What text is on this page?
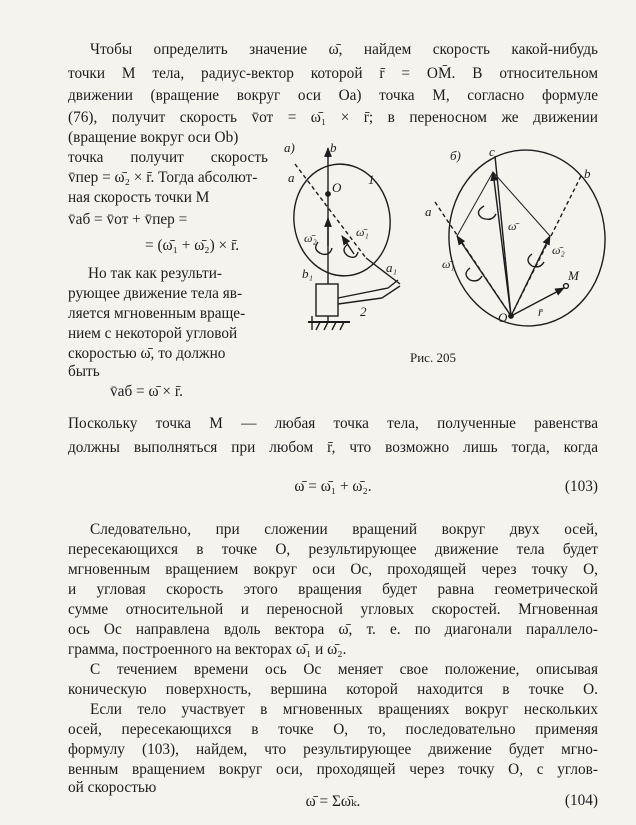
Чтобы определить значение ω̄, найдем скорость какой-нибудь
точки M тела, радиус-вектор которой r̄ = OM̄. В относительном
движении (вращение вокруг оси Oa) точка M, согласно формуле
(76), получит скорость v̄от = ω̄₁ × r̄; в переносном же движении
(вращение вокруг оси Ob)
точка получит скорость
v̄пер = ω̄₂ × r̄. Тогда абсолют-
ная скорость точки M
v̄аб = v̄от + v̄пер =
= (ω̄₁ + ω̄₂) × r̄.
Но так как результи-
рующее движение тела яв-
ляется мгновенным враще-
нием с некоторой угловой
скоростью ω̄, то должно
быть
v̄аб = ω̄ × r̄.
а)	b
a
O
1
ω̄₂	ω̄₁
b₁	a₁
2
б) c
b
a
ω̄
ω̄₁
ω̄₂
M
O	r̄
Рис. 205
Поскольку точка M — любая точка тела, полученные равенства
должны выполняться при любом r̄, что возможно лишь тогда, когда
ω̄ = ω̄₁ + ω̄₂.	(103)
Следовательно, при сложении вращений вокруг двух осей,
пересекающихся в точке O, результирующее движение тела будет
мгновенным вращением вокруг оси Oc, проходящей через точку O,
и угловая скорость этого вращения будет равна геометрической
сумме относительной и переносной угловых скоростей. Мгновенная
ось Oc направлена вдоль вектора ω̄, т. е. по диагонали параллело-
грамма, построенного на векторах ω̄₁ и ω̄₂.
С течением времени ось Oc меняет свое положение, описывая
коническую поверхность, вершина которой находится в точке O.
Если тело участвует в мгновенных вращениях вокруг нескольких
осей, пересекающихся в точке O, то, последовательно применяя
формулу (103), найдем, что результирующее движение будет мгно-
венным вращением вокруг оси, проходящей через точку O, с углов-
ой скоростью
ω̄ = Σω̄ₖ.	(104)
